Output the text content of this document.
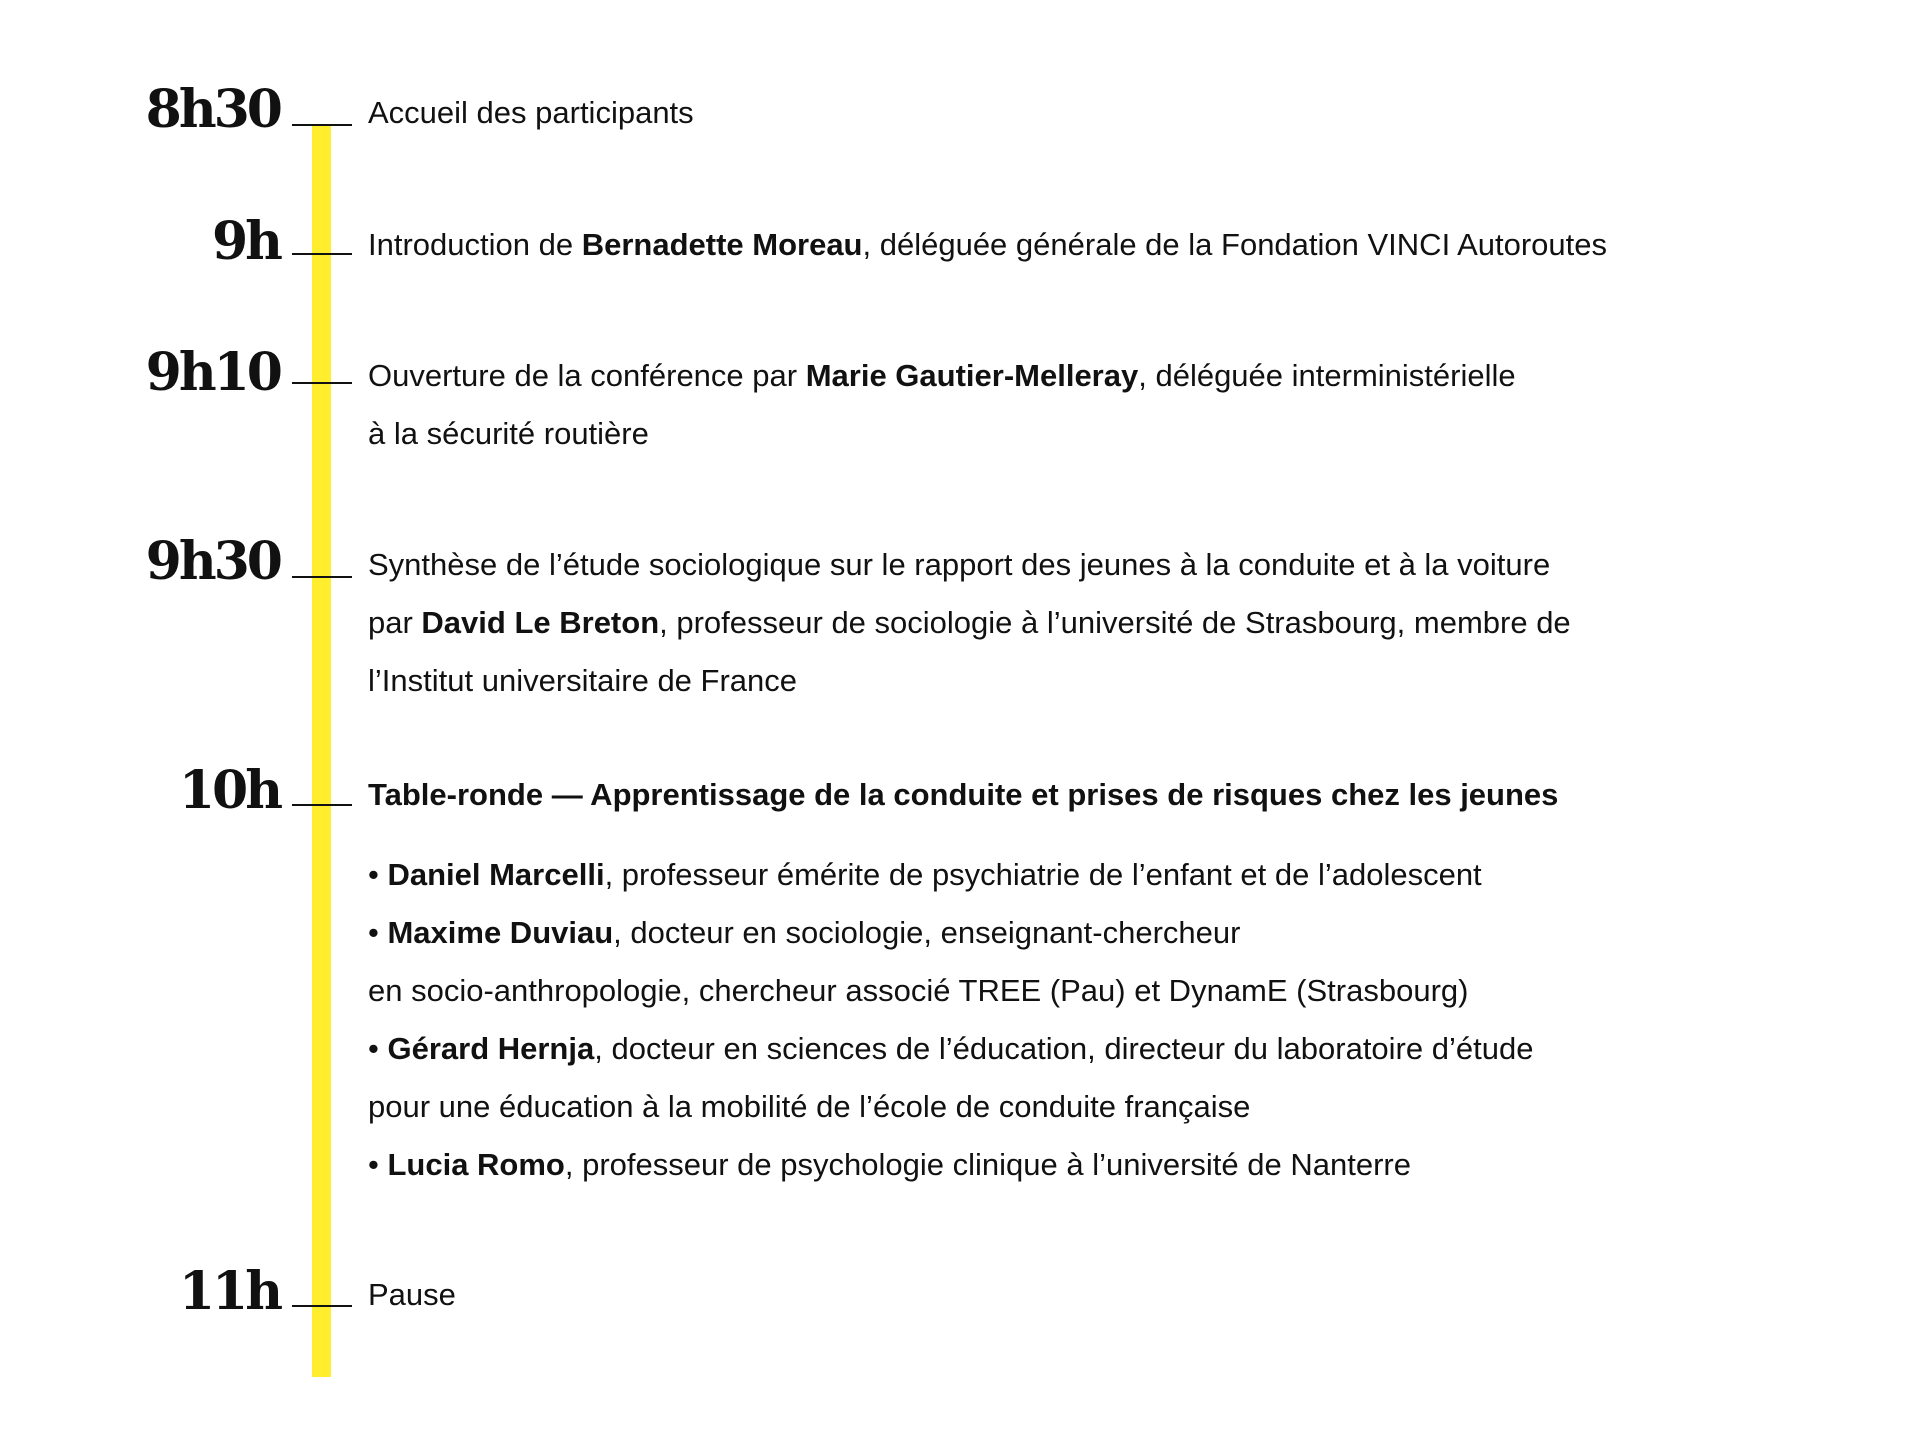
8h30	Accueil des participants

9h	Introduction de Bernadette Moreau, déléguée générale de la Fondation VINCI Autoroutes

9h10	Ouverture de la conférence par Marie Gautier-Melleray, déléguée interministérielle

à la sécurité routière

9h30	Synthèse de l’étude sociologique sur le rapport des jeunes à la conduite et à la voiture

par David Le Breton, professeur de sociologie à l’université de Strasbourg, membre de

l’Institut universitaire de France

10h	Table-ronde — Apprentissage de la conduite et prises de risques chez les jeunes

• Daniel Marcelli, professeur émérite de psychiatrie de l’enfant et de l’adolescent

• Maxime Duviau, docteur en sociologie, enseignant-chercheur

en socio-anthropologie, chercheur associé TREE (Pau) et DynamE (Strasbourg)

• Gérard Hernja, docteur en sciences de l’éducation, directeur du laboratoire d’étude

pour une éducation à la mobilité de l’école de conduite française

• Lucia Romo, professeur de psychologie clinique à l’université de Nanterre

11h	Pause
